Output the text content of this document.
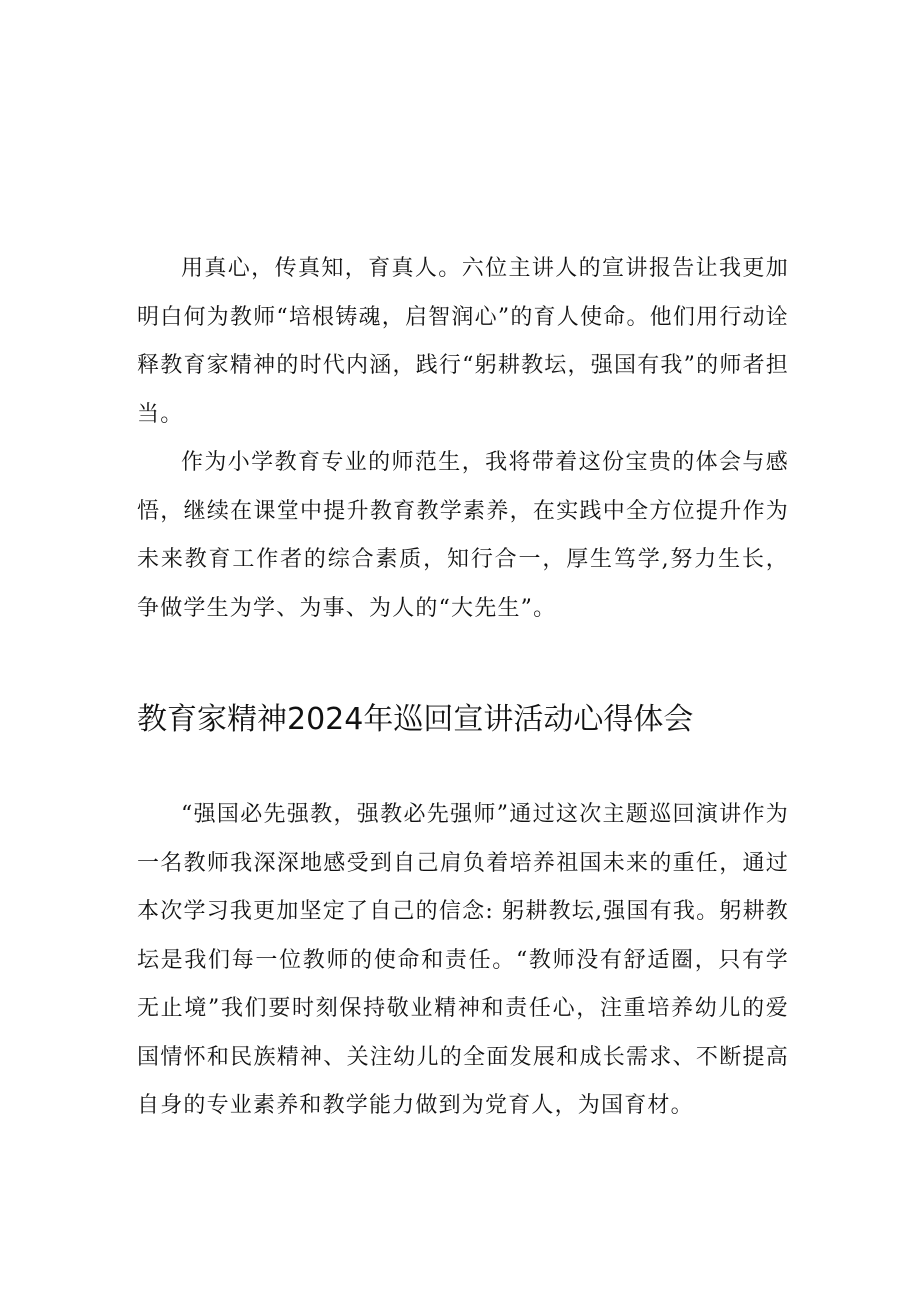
用真心，传真知，育真人。六位主讲人的宣讲报告让我更加明白何为教师“培根铸魂，启智润心”的育人使命。他们用行动诠释教育家精神的时代内涵，践行“躬耕教坛，强国有我”的师者担当。

作为小学教育专业的师范生，我将带着这份宝贵的体会与感悟，继续在课堂中提升教育教学素养，在实践中全方位提升作为未来教育工作者的综合素质，知行合一，厚生笃学,努力生长，争做学生为学、为事、为人的“大先生”。

教育家精神2024年巡回宣讲活动心得体会

“强国必先强教，强教必先强师”通过这次主题巡回演讲作为一名教师我深深地感受到自己肩负着培养祖国未来的重任，通过本次学习我更加坚定了自己的信念: 躬耕教坛,强国有我。躬耕教坛是我们每一位教师的使命和责任。“教师没有舒适圈，只有学无止境”我们要时刻保持敬业精神和责任心，注重培养幼儿的爱国情怀和民族精神、关注幼儿的全面发展和成长需求、不断提高自身的专业素养和教学能力做到为党育人，为国育材。
